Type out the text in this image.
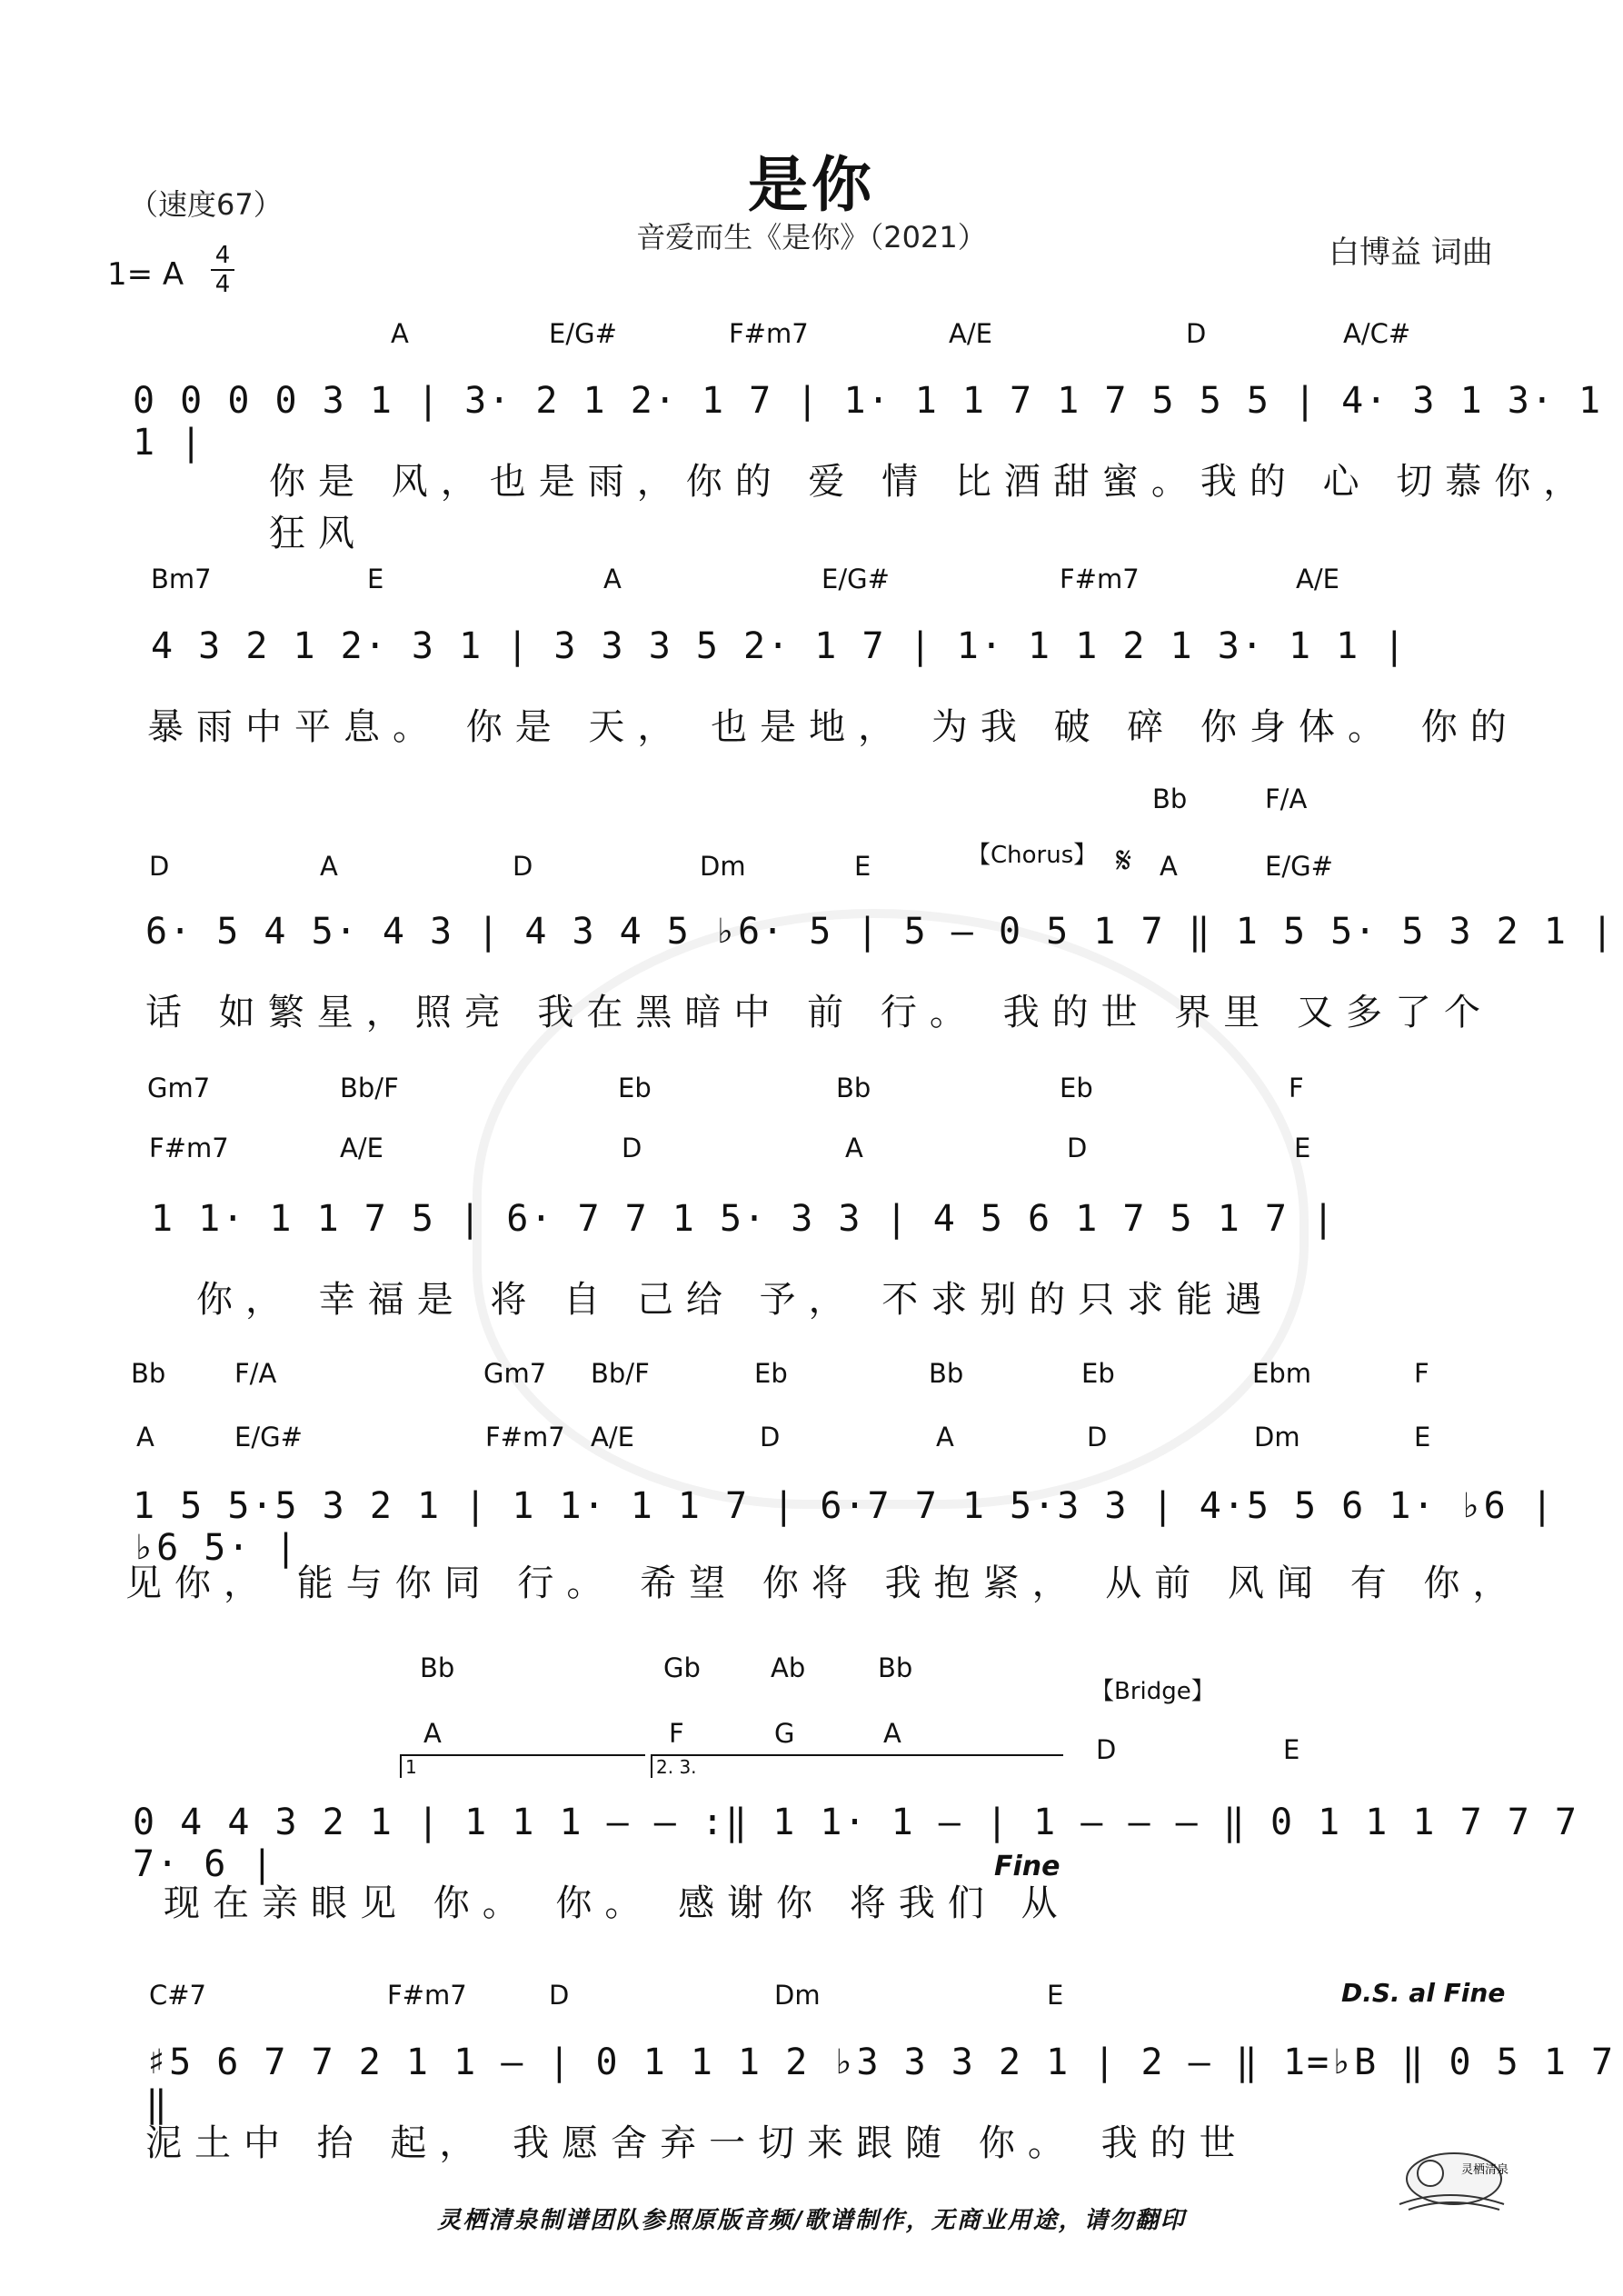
是你
音爱而生《是你》（2021）
（速度67）
1= A
4
4
白博益 词曲
A	E/G#	F#m7	A/E	D	A/C#
0 0 0 0 3 1 | 3· 2 1 2· 1 7 | 1· 1 1 7 1 7 5 5 5 | 4· 3 1 3· 1 1 |
你是 风，也是雨，你的 爱 情 比酒甜蜜。我的 心 切慕你，狂风
Bm7	E	A	E/G#	F#m7	A/E
4 3 2 1 2· 3 1 | 3 3 3 5 2· 1 7 | 1· 1 1 2 1 3· 1 1 |
暴雨中平息。 你是 天， 也是地， 为我 破 碎 你身体。 你的
Bb	F/A
D	A	D	Dm	E	【Chorus】 𝄋 A	E/G#
6· 5 4 5· 4 3 | 4 3 4 5 ♭6· 5 | 5 – 0 5 1 7 ‖ 1 5 5· 5 3 2 1 |
话 如繁星，照亮 我在黑暗中 前 行。 我的世 界里 又多了个
Gm7	Bb/F	Eb	Bb	Eb	F
F#m7	A/E	D	A	D	E
1 1· 1 1 7 5 | 6· 7 7 1 5· 3 3 | 4 5 6 1 7 5 1 7 |
你， 幸福是 将 自 己给 予， 不求别的只求能遇
Bb	F/A	Gm7 Bb/F	Eb	Bb	Eb	Ebm	F
A	E/G#	F#m7 A/E	D	A	D	Dm	E
1 5 5·5 3 2 1 | 1 1· 1 1 7 | 6·7 7 1 5·3 3 | 4·5 5 6 1· ♭6 | ♭6 5· |
见你， 能与你同 行。 希望 你将 我抱紧， 从前 风闻 有 你，
Bb	Gb	Ab	Bb
【Bridge】
A	F	G	A
D	E
1	2. 3.
0 4 4 3 2 1 | 1 1 1 – – :‖ 1 1· 1 – | 1 – – – ‖ 0 1 1 1 7 7 7 7· 6 |	Fine
现在亲眼见 你。 你。 感谢你 将我们 从
C#7	F#m7	D	Dm	E	D.S. al Fine
♯5 6 7 7 2 1 1 – | 0 1 1 1 2 ♭3 3 3 2 1 | 2 – ‖ 1=♭B ‖ 0 5 1 7 ‖
泥土中 抬 起， 我愿舍弃一切来跟随 你。 我的世
灵栖清泉
灵栖清泉制谱团队参照原版音频/歌谱制作，无商业用途，请勿翻印
